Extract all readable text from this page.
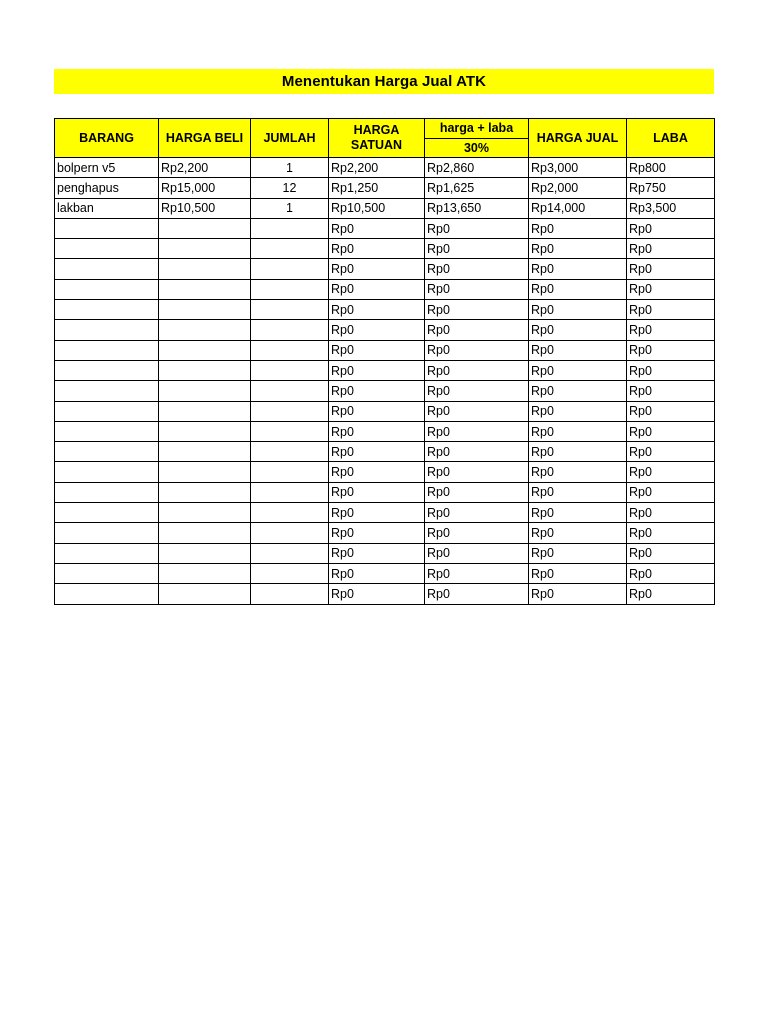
Menentukan Harga Jual ATK
BARANG	HARGA BELI	JUMLAH	HARGA SATUAN	harga + laba	HARGA JUAL	LABA
				30%		
bolpern v5	Rp2,200	1	Rp2,200	Rp2,860	Rp3,000	Rp800
penghapus	Rp15,000	12	Rp1,250	Rp1,625	Rp2,000	Rp750
lakban	Rp10,500	1	Rp10,500	Rp13,650	Rp14,000	Rp3,500
			Rp0	Rp0	Rp0	Rp0
			Rp0	Rp0	Rp0	Rp0
			Rp0	Rp0	Rp0	Rp0
			Rp0	Rp0	Rp0	Rp0
			Rp0	Rp0	Rp0	Rp0
			Rp0	Rp0	Rp0	Rp0
			Rp0	Rp0	Rp0	Rp0
			Rp0	Rp0	Rp0	Rp0
			Rp0	Rp0	Rp0	Rp0
			Rp0	Rp0	Rp0	Rp0
			Rp0	Rp0	Rp0	Rp0
			Rp0	Rp0	Rp0	Rp0
			Rp0	Rp0	Rp0	Rp0
			Rp0	Rp0	Rp0	Rp0
			Rp0	Rp0	Rp0	Rp0
			Rp0	Rp0	Rp0	Rp0
			Rp0	Rp0	Rp0	Rp0
			Rp0	Rp0	Rp0	Rp0
			Rp0	Rp0	Rp0	Rp0
